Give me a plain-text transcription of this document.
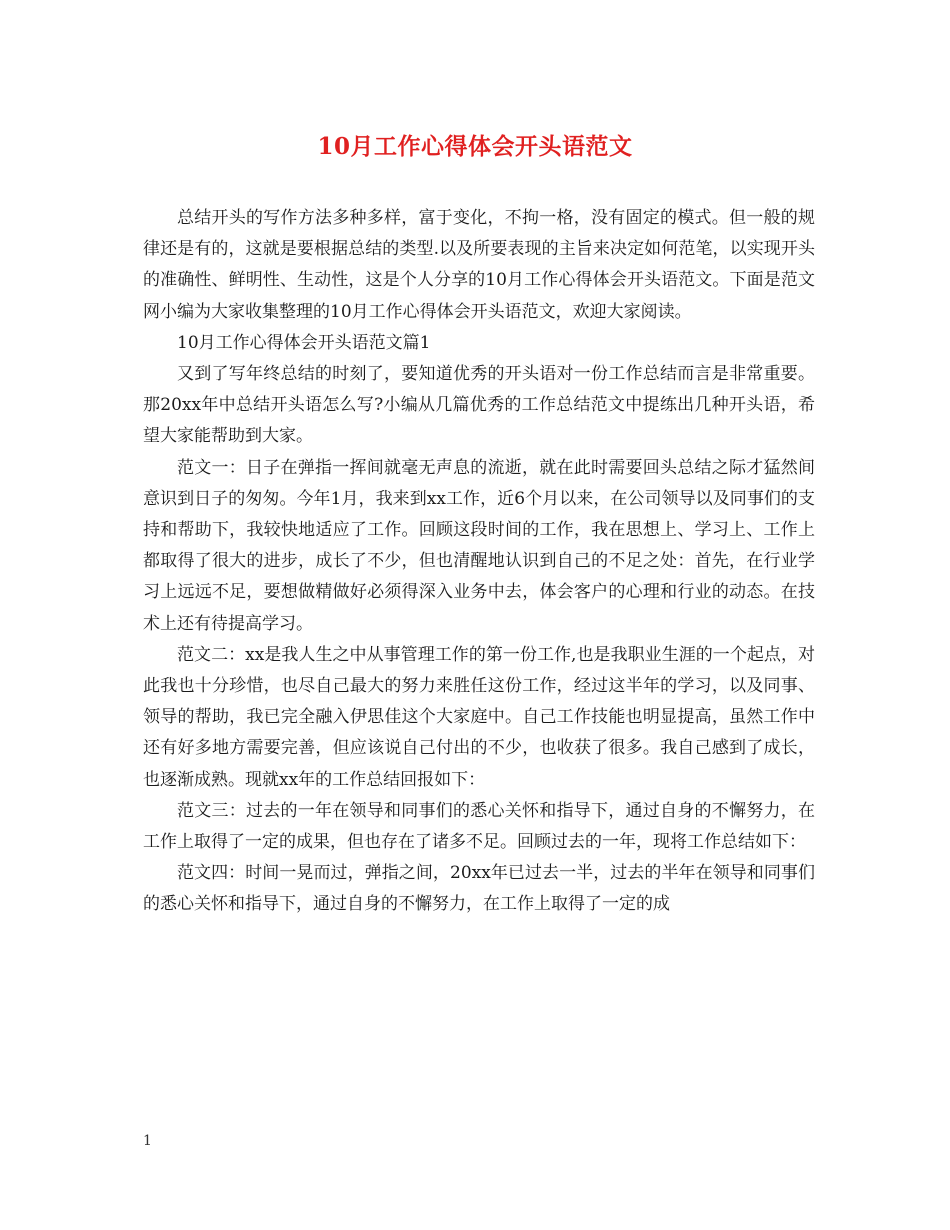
10月工作心得体会开头语范文

总结开头的写作方法多种多样，富于变化，不拘一格，没有固定的模式。但一般的规律还是有的，这就是要根据总结的类型.以及所要表现的主旨来决定如何范笔，以实现开头的准确性、鲜明性、生动性，这是个人分享的10月工作心得体会开头语范文。下面是范文网小编为大家收集整理的10月工作心得体会开头语范文，欢迎大家阅读。

10月工作心得体会开头语范文篇1

又到了写年终总结的时刻了，要知道优秀的开头语对一份工作总结而言是非常重要。那20xx年中总结开头语怎么写?小编从几篇优秀的工作总结范文中提练出几种开头语，希望大家能帮助到大家。

范文一：日子在弹指一挥间就毫无声息的流逝，就在此时需要回头总结之际才猛然间意识到日子的匆匆。今年1月，我来到xx工作，近6个月以来，在公司领导以及同事们的支持和帮助下，我较快地适应了工作。回顾这段时间的工作，我在思想上、学习上、工作上都取得了很大的进步，成长了不少，但也清醒地认识到自己的不足之处：首先，在行业学习上远远不足，要想做精做好必须得深入业务中去，体会客户的心理和行业的动态。在技术上还有待提高学习。

范文二：xx是我人生之中从事管理工作的第一份工作,也是我职业生涯的一个起点，对此我也十分珍惜，也尽自己最大的努力来胜任这份工作，经过这半年的学习，以及同事、领导的帮助，我已完全融入伊思佳这个大家庭中。自己工作技能也明显提高，虽然工作中还有好多地方需要完善，但应该说自己付出的不少，也收获了很多。我自己感到了成长，也逐渐成熟。现就xx年的工作总结回报如下：

范文三：过去的一年在领导和同事们的悉心关怀和指导下，通过自身的不懈努力，在工作上取得了一定的成果，但也存在了诸多不足。回顾过去的一年，现将工作总结如下：

范文四：时间一晃而过，弹指之间，20xx年已过去一半，过去的半年在领导和同事们的悉心关怀和指导下，通过自身的不懈努力，在工作上取得了一定的成

1
